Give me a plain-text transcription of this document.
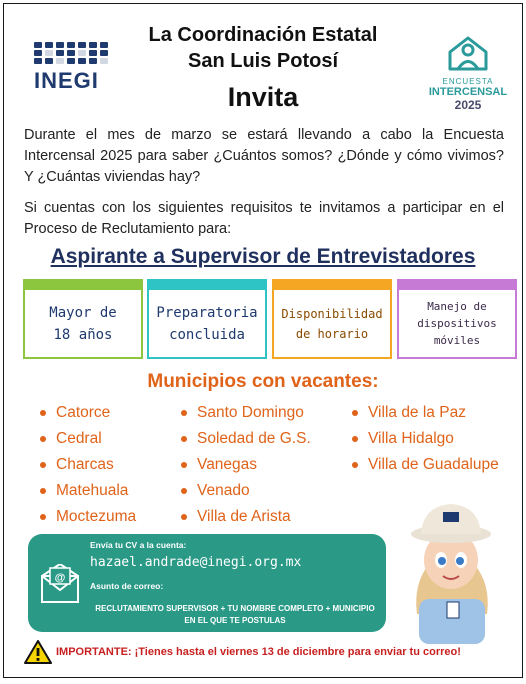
INEGI
La Coordinación Estatal
San Luis Potosí
Invita
ENCUESTA
INTERCENSAL
2025

Durante el mes de marzo se estará llevando a cabo la Encuesta Intercensal 2025 para saber ¿Cuántos somos? ¿Dónde y cómo vivimos? Y ¿Cuántas viviendas hay?

Si cuentas con los siguientes requisitos te invitamos a participar en el Proceso de Reclutamiento para:

Aspirante a Supervisor de Entrevistadores
Mayor de
18 años
Preparatoria
concluida
Disponibilidad
de horario
Manejo de
dispositivos
móviles
Municipios con vacantes:
Catorce
Cedral
Charcas
Matehuala
Moctezuma
Santo Domingo
Soledad de G.S.
Vanegas
Venado
Villa de Arista
Villa de la Paz
Villa Hidalgo
Villa de Guadalupe
@
Envía tu CV a la cuenta:
hazael.andrade@inegi.org.mx
Asunto de correo:
RECLUTAMIENTO SUPERVISOR + TU NOMBRE COMPLETO + MUNICIPIO EN EL QUE TE POSTULAS
IMPORTANTE: ¡Tienes hasta el viernes 13 de diciembre para enviar tu correo!
